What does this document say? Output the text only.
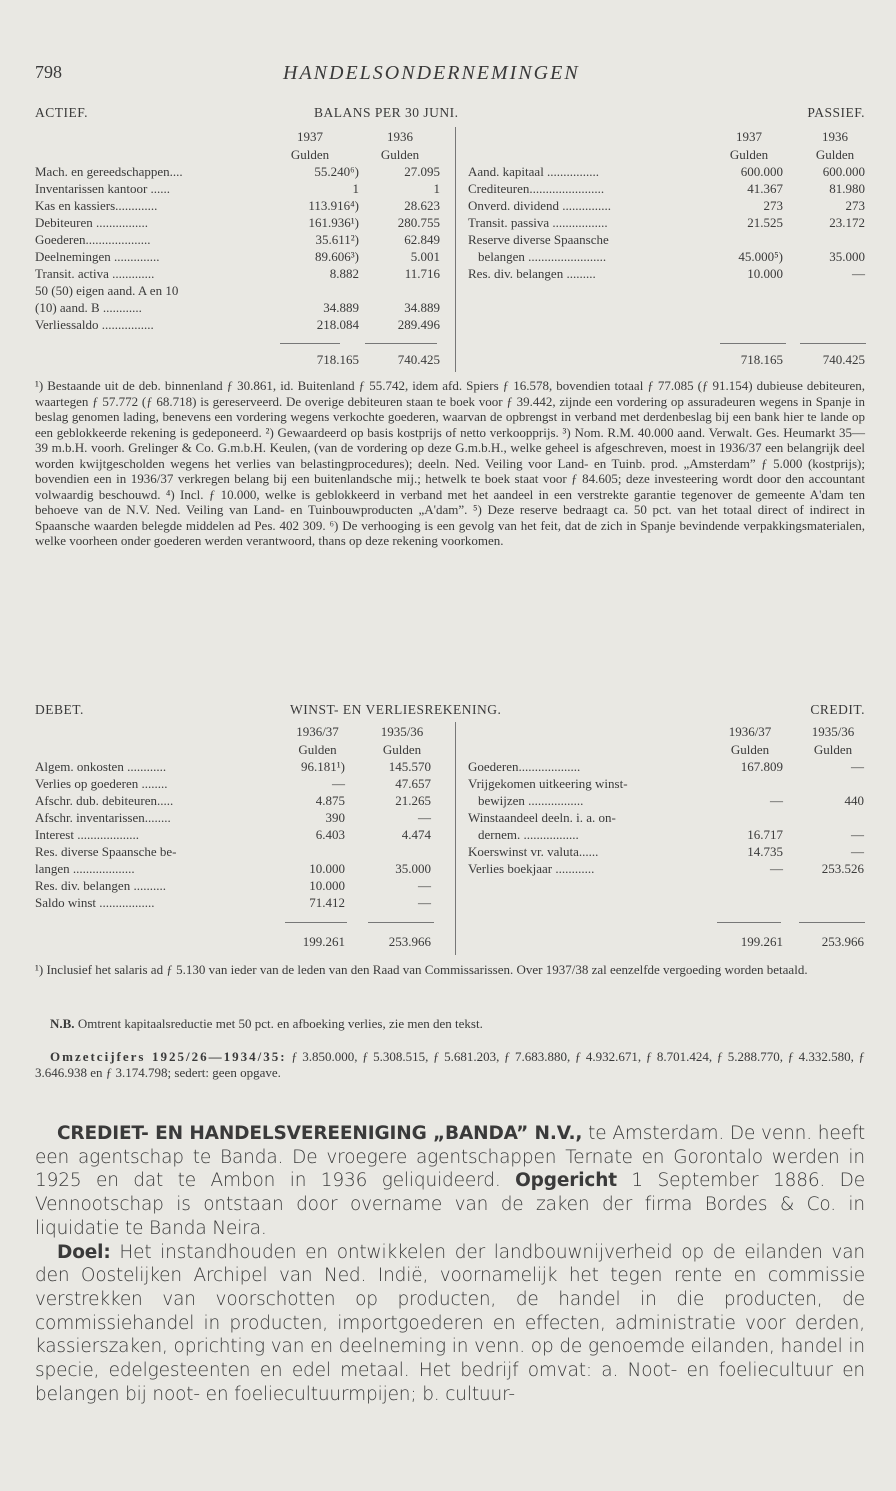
798	HANDELSONDERNEMINGEN
ACTIEF.	BALANS PER 30 JUNI.	PASSIEF.
1937	1936
Gulden	Gulden
1937	1936
Gulden	Gulden
Mach. en gereedschappen....	55.240⁶)	27.095
Inventarissen kantoor ......	1	1
Kas en kassiers.............	113.916⁴)	28.623
Debiteuren ................	161.936¹)	280.755
Goederen....................	35.611²)	62.849
Deelnemingen ..............	89.606³)	5.001
Transit. activa .............	8.882	11.716
50 (50) eigen aand. A en 10
(10) aand. B ............	34.889	34.889
Verliessaldo ................	218.084	289.496
718.165	740.425
Aand. kapitaal ................	600.000	600.000
Crediteuren.......................	41.367	81.980
Onverd. dividend ...............	273	273
Transit. passiva .................	21.525	23.172
Reserve diverse Spaansche
belangen ........................	45.000⁵)	35.000
Res. div. belangen .........	10.000	—
718.165	740.425

¹) Bestaande uit de deb. binnenland ƒ 30.861, id. Buitenland ƒ 55.742, idem afd. Spiers ƒ 16.578, bovendien totaal ƒ 77.085 (ƒ 91.154) dubieuse debiteuren, waartegen ƒ 57.772 (ƒ 68.718) is gereserveerd. De overige debiteuren staan te boek voor ƒ 39.442, zijnde een vordering op assuradeuren wegens in Spanje in beslag genomen lading, benevens een vordering wegens verkochte goederen, waarvan de opbrengst in verband met derdenbeslag bij een bank hier te lande op een geblokkeerde rekening is gedeponeerd. ²) Gewaardeerd op basis kostprijs of netto verkoopprijs. ³) Nom. R.M. 40.000 aand. Verwalt. Ges. Heumarkt 35—39 m.b.H. voorh. Grelinger & Co. G.m.b.H. Keulen, (van de vordering op deze G.m.b.H., welke geheel is afgeschreven, moest in 1936/37 een belangrijk deel worden kwijtgescholden wegens het verlies van belastingprocedures); deeln. Ned. Veiling voor Land- en Tuinb. prod. „Amsterdam” ƒ 5.000 (kostprijs); bovendien een in 1936/37 verkregen belang bij een buitenlandsche mij.; hetwelk te boek staat voor ƒ 84.605; deze investeering wordt door den accountant volwaardig beschouwd. ⁴) Incl. ƒ 10.000, welke is geblokkeerd in verband met het aandeel in een verstrekte garantie tegenover de gemeente A'dam ten behoeve van de N.V. Ned. Veiling van Land- en Tuinbouwproducten „A'dam”. ⁵) Deze reserve bedraagt ca. 50 pct. van het totaal direct of indirect in Spaansche waarden belegde middelen ad Pes. 402 309. ⁶) De verhooging is een gevolg van het feit, dat de zich in Spanje bevindende verpakkingsmaterialen, welke voorheen onder goederen werden verantwoord, thans op deze rekening voorkomen.

DEBET.	WINST- EN VERLIESREKENING.	CREDIT.
1936/37	1935/36
Gulden	Gulden
1936/37	1935/36
Gulden	Gulden
Algem. onkosten ............	96.181¹)	145.570
Verlies op goederen ........	—	47.657
Afschr. dub. debiteuren.....	4.875	21.265
Afschr. inventarissen........	390	—
Interest ...................	6.403	4.474
Res. diverse Spaansche be-
langen ...................	10.000	35.000
Res. div. belangen ..........	10.000	—
Saldo winst .................	71.412	—
199.261	253.966
Goederen...................	167.809	—
Vrijgekomen uitkeering winst-
bewijzen .................	—	440
Winstaandeel deeln. i. a. on-
dernem. .................	16.717	—
Koerswinst vr. valuta......	14.735	—
Verlies boekjaar ............	—	253.526
199.261	253.966

¹) Inclusief het salaris ad ƒ 5.130 van ieder van de leden van den Raad van Commissarissen. Over 1937/38 zal eenzelfde vergoeding worden betaald.

N.B. Omtrent kapitaalsreductie met 50 pct. en afboeking verlies, zie men den tekst.
Omzetcijfers 1925/26—1934/35: ƒ 3.850.000, ƒ 5.308.515, ƒ 5.681.203, ƒ 7.683.880, ƒ 4.932.671, ƒ 8.701.424, ƒ 5.288.770, ƒ 4.332.580, ƒ 3.646.938 en ƒ 3.174.798; sedert: geen opgave.

CREDIET- EN HANDELSVEREENIGING „BANDA” N.V., te Amsterdam. De venn. heeft een agentschap te Banda. De vroegere agentschappen Ternate en Gorontalo werden in 1925 en dat te Ambon in 1936 geliquideerd. Opgericht 1 September 1886. De Vennootschap is ontstaan door overname van de zaken der firma Bordes & Co. in liquidatie te Banda Neira.

Doel: Het instandhouden en ontwikkelen der landbouwnijverheid op de eilanden van den Oostelijken Archipel van Ned. Indië, voornamelijk het tegen rente en commissie verstrekken van voorschotten op producten, de handel in die producten, de commissiehandel in producten, importgoederen en effecten, administratie voor derden, kassierszaken, oprichting van en deelneming in venn. op de genoemde eilanden, handel in specie, edelgesteenten en edel metaal. Het bedrijf omvat: a. Noot- en foeliecultuur en belangen bij noot- en foeliecultuurmpijen; b. cultuur-
